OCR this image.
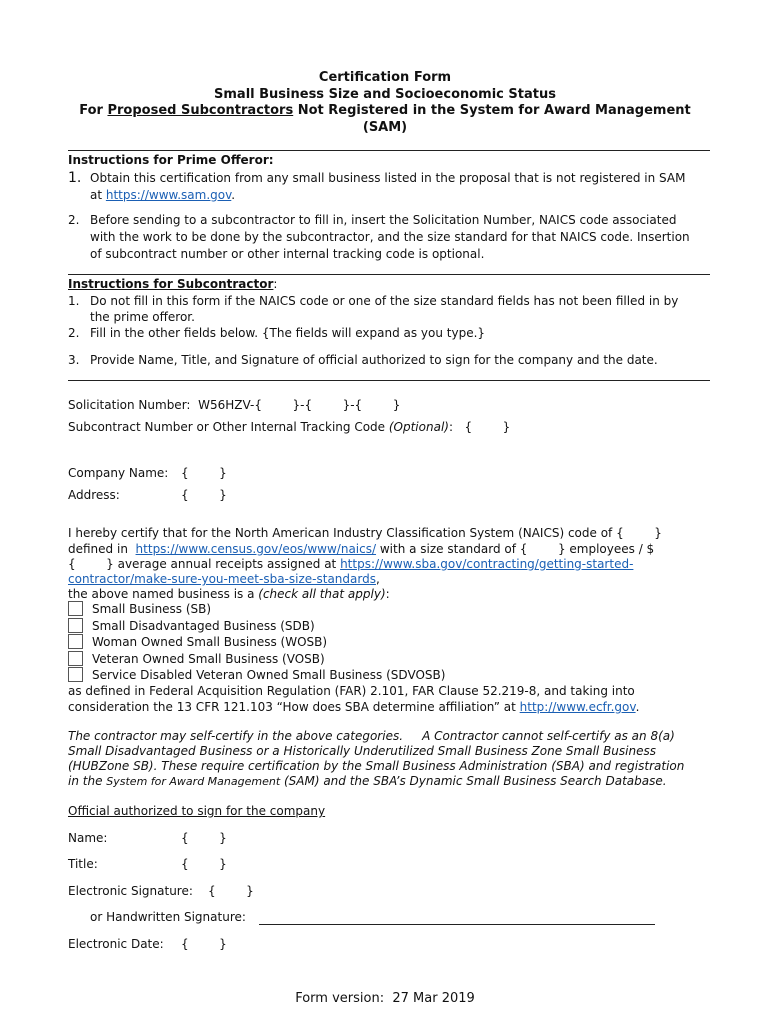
Certification Form
Small Business Size and Socioeconomic Status
For Proposed Subcontractors Not Registered in the System for Award Management
(SAM)
Instructions for Prime Offeror:
1. Obtain this certification from any small business listed in the proposal that is not registered in SAM
at https://www.sam.gov.
2. Before sending to a subcontractor to fill in, insert the Solicitation Number, NAICS code associated
with the work to be done by the subcontractor, and the size standard for that NAICS code. Insertion
of subcontract number or other internal tracking code is optional.
Instructions for Subcontractor:
1. Do not fill in this form if the NAICS code or one of the size standard fields has not been filled in by
the prime offeror.
2. Fill in the other fields below. {The fields will expand as you type.}
3. Provide Name, Title, and Signature of official authorized to sign for the company and the date.
Solicitation Number: W56HZV-{        }-{        }-{        }
Subcontract Number or Other Internal Tracking Code (Optional):   {        }
Company Name: {        }
Address:	{        }
I hereby certify that for the North American Industry Classification System (NAICS) code of {        }
defined in  https://www.census.gov/eos/www/naics/ with a size standard of {        } employees / $
{        } average annual receipts assigned at https://www.sba.gov/contracting/getting-started-
contractor/make-sure-you-meet-sba-size-standards,
the above named business is a (check all that apply):
Small Business (SB)
Small Disadvantaged Business (SDB)
Woman Owned Small Business (WOSB)
Veteran Owned Small Business (VOSB)
Service Disabled Veteran Owned Small Business (SDVOSB)
as defined in Federal Acquisition Regulation (FAR) 2.101, FAR Clause 52.219-8, and taking into
consideration the 13 CFR 121.103 “How does SBA determine affiliation” at http://www.ecfr.gov.
The contractor may self-certify in the above categories.     A Contractor cannot self-certify as an 8(a)
Small Disadvantaged Business or a Historically Underutilized Small Business Zone Small Business
(HUBZone SB). These require certification by the Small Business Administration (SBA) and registration
in the System for Award Management (SAM) and the SBA’s Dynamic Small Business Search Database.
Official authorized to sign for the company
Name:	{        }
Title:	{        }
Electronic Signature: {        }
or Handwritten Signature:
Electronic Date: {        }
Form version: 27 Mar 2019
